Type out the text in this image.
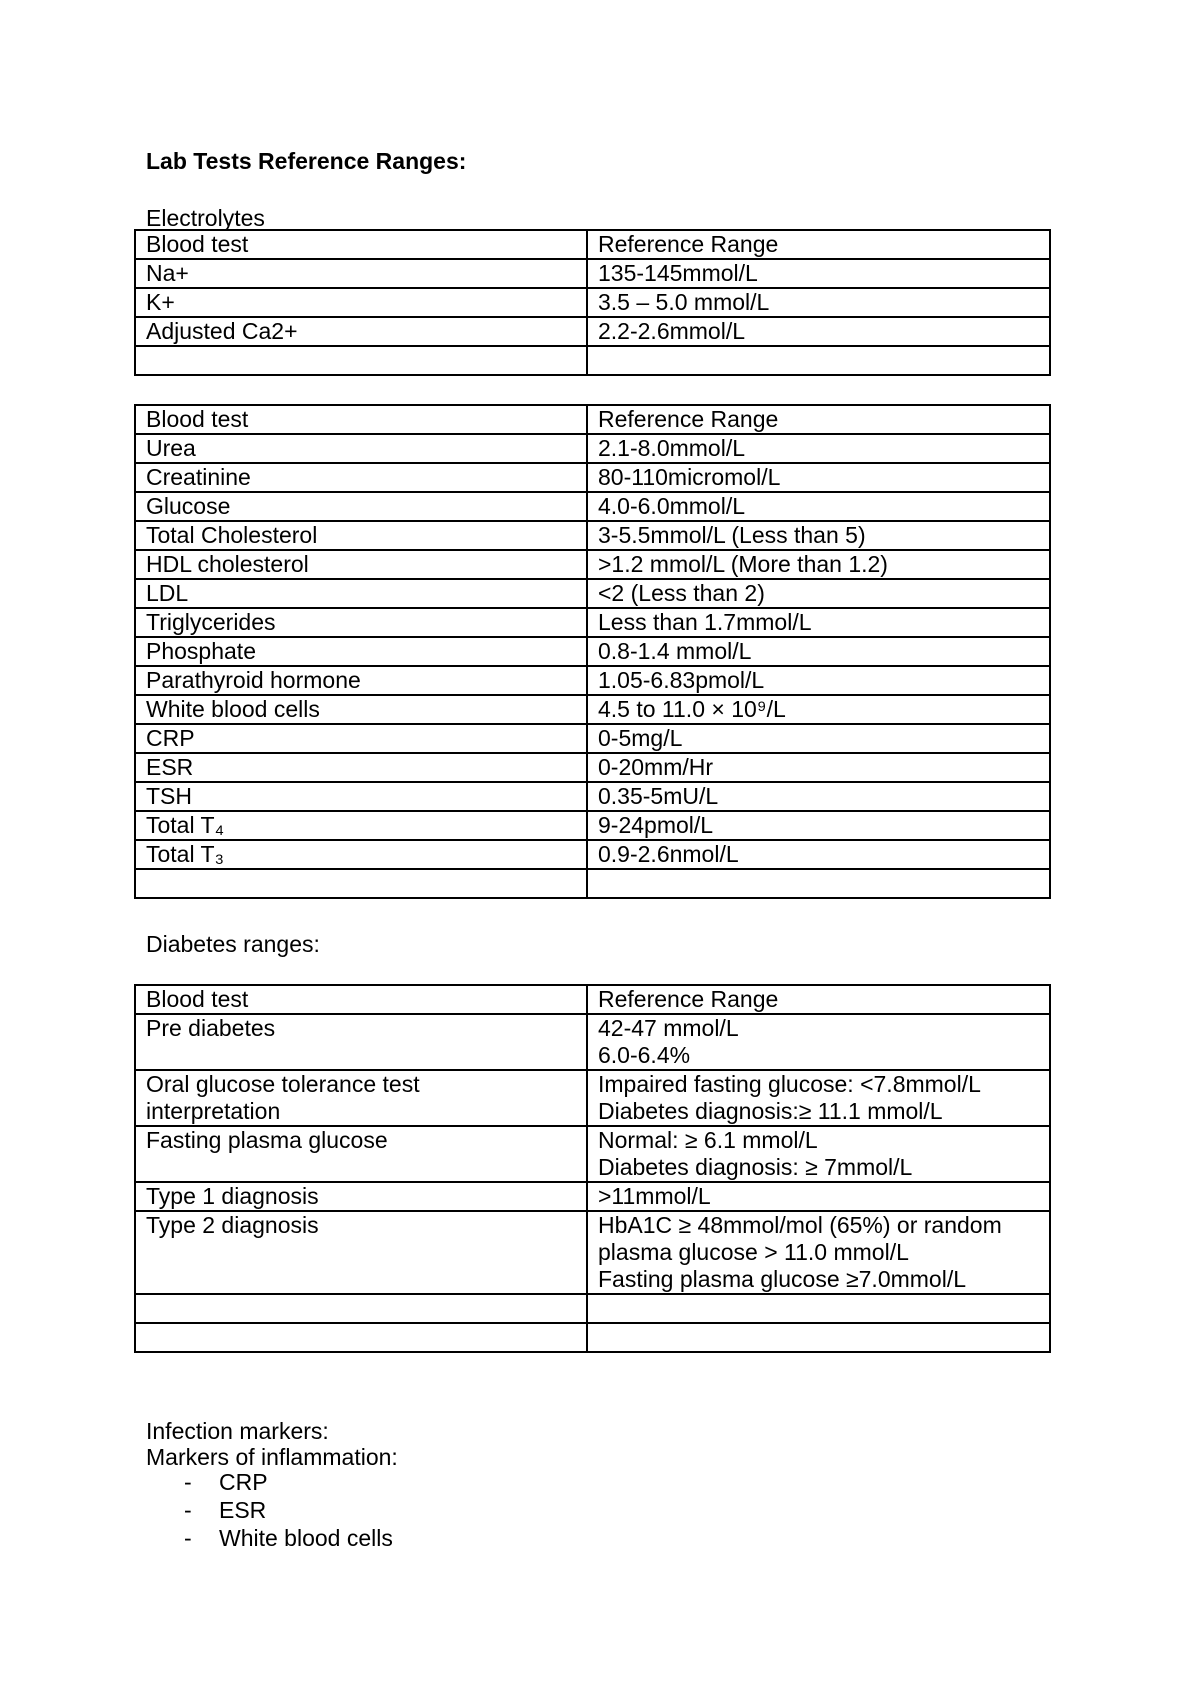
Lab Tests Reference Ranges:
Electrolytes
Blood test	Reference Range
Na+	135-145mmol/L
K+	3.5 – 5.0 mmol/L
Adjusted Ca2+	2.2-2.6mmol/L

Blood test	Reference Range
Urea	2.1-8.0mmol/L
Creatinine	80-110micromol/L
Glucose	4.0-6.0mmol/L
Total Cholesterol	3-5.5mmol/L (Less than 5)
HDL cholesterol	>1.2 mmol/L (More than 1.2)
LDL	<2 (Less than 2)
Triglycerides	Less than 1.7mmol/L
Phosphate	0.8-1.4 mmol/L
Parathyroid hormone	1.05-6.83pmol/L
White blood cells	4.5 to 11.0 × 10⁹/L
CRP	0-5mg/L
ESR	0-20mm/Hr
TSH	0.35-5mU/L
Total T₄	9-24pmol/L
Total T₃	0.9-2.6nmol/L

Diabetes ranges:
Blood test	Reference Range
Pre diabetes	42-47 mmol/L
6.0-6.4%
Oral glucose tolerance test
interpretation	Impaired fasting glucose: <7.8mmol/L
Diabetes diagnosis:≥ 11.1 mmol/L
Fasting plasma glucose	Normal: ≥ 6.1 mmol/L
Diabetes diagnosis: ≥ 7mmol/L
Type 1 diagnosis	>11mmol/L
Type 2 diagnosis	HbA1C ≥ 48mmol/mol (65%) or random
plasma glucose > 11.0 mmol/L
Fasting plasma glucose ≥7.0mmol/L

Infection markers:
Markers of inflammation:
- CRP
- ESR
- White blood cells
